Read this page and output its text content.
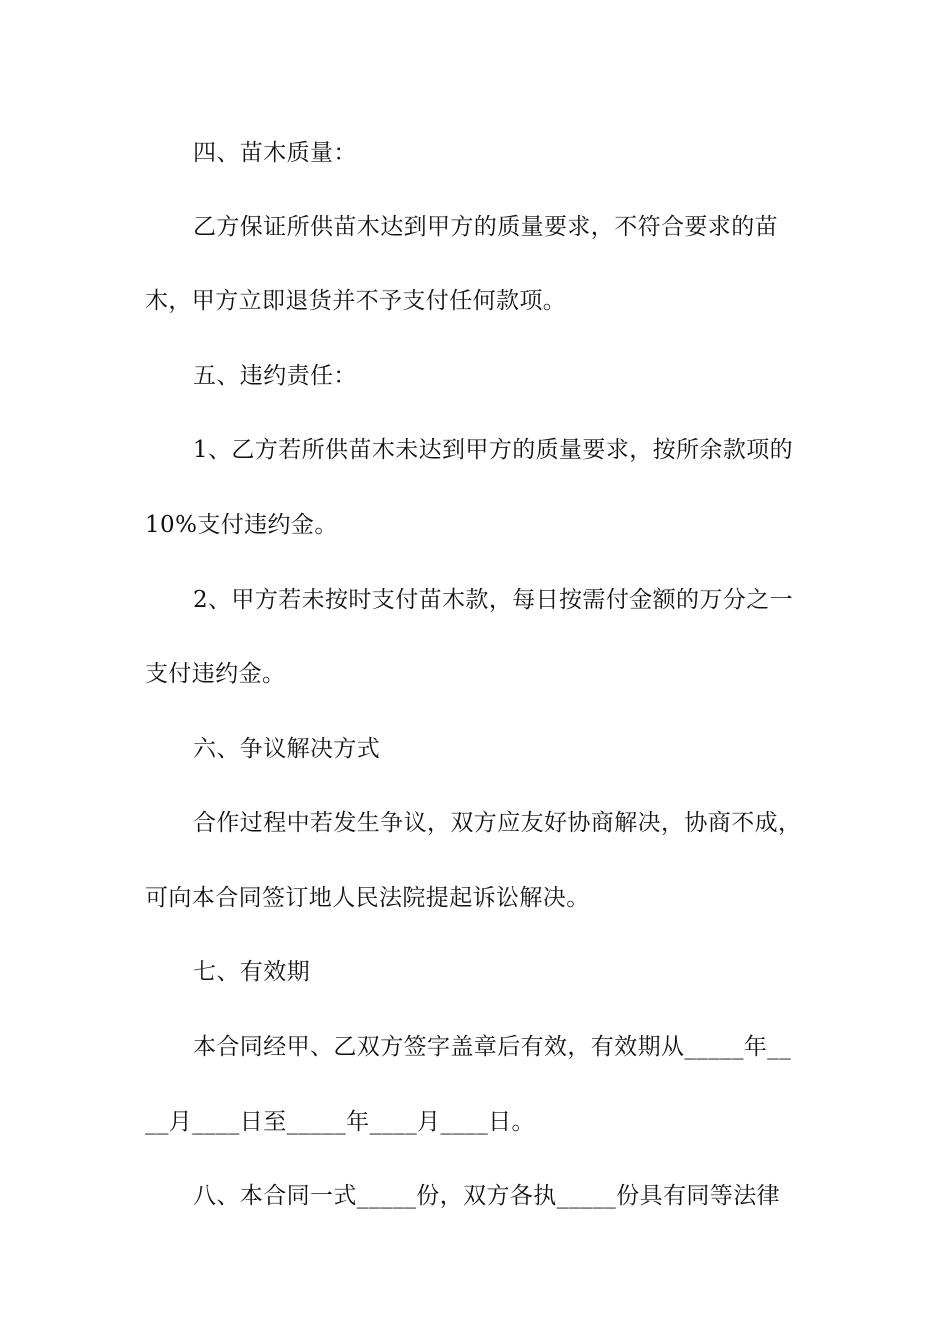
四、苗木质量：
乙方保证所供苗木达到甲方的质量要求，不符合要求的苗
木，甲方立即退货并不予支付任何款项。
五、违约责任：
1、乙方若所供苗木未达到甲方的质量要求，按所余款项的
10%支付违约金。
2、甲方若未按时支付苗木款，每日按需付金额的万分之一
支付违约金。
六、争议解决方式
合作过程中若发生争议，双方应友好协商解决，协商不成，
可向本合同签订地人民法院提起诉讼解决。
七、有效期
本合同经甲、乙双方签字盖章后有效，有效期从_____年__
__月____日至_____年____月____日。
八、本合同一式_____份，双方各执_____份具有同等法律
